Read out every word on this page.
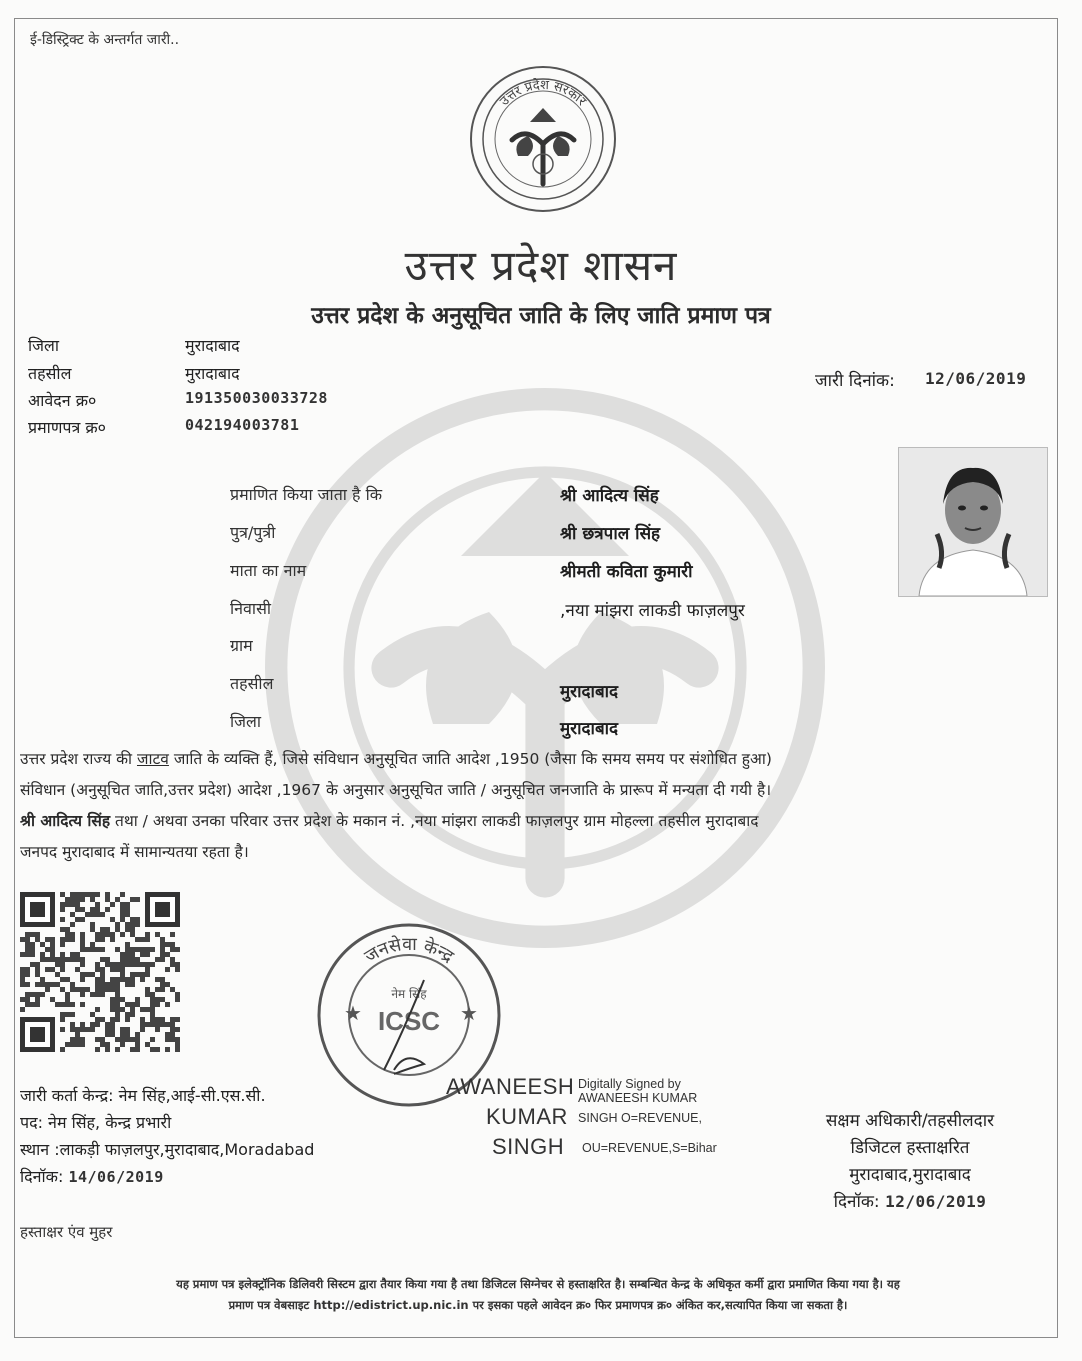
ई-डिस्ट्रिक्ट के अन्तर्गत जारी..
उत्तर प्रदेश सरकार
उत्तर प्रदेश शासन
उत्तर प्रदेश के अनुसूचित जाति के लिए जाति प्रमाण पत्र
जिला	मुरादाबाद
तहसील	मुरादाबाद
आवेदन क्र०	191350030033728
प्रमाणपत्र क्र०	042194003781
जारी दिनांक: 12/06/2019
प्रमाणित किया जाता है कि	श्री आदित्य सिंह
पुत्र/पुत्री	श्री छत्रपाल सिंह
माता का नाम	श्रीमती कविता कुमारी
निवासी	,नया मांझरा लाकडी फाज़लपुर
ग्राम
तहसील	मुरादाबाद
जिला	मुरादाबाद
उत्तर प्रदेश राज्य की जाटव जाति के व्यक्ति हैं, जिसे संविधान अनुसूचित जाति आदेश ,1950 (जैसा कि समय समय पर संशोधित हुआ)
संविधान (अनुसूचित जाति,उत्तर प्रदेश) आदेश ,1967 के अनुसार अनुसूचित जाति / अनुसूचित जनजाति के प्रारूप में मन्यता दी गयी है।
श्री आदित्य सिंह तथा / अथवा उनका परिवार उत्तर प्रदेश के मकान नं. ,नया मांझरा लाकडी फाज़लपुर ग्राम मोहल्ला तहसील मुरादाबाद
जनपद मुरादाबाद में सामान्यतया रहता है।
जनसेवा केन्द्र
नेम सिंह
ICSC
★	★
जारी कर्ता केन्द्र: नेम सिंह,आई-सी.एस.सी.
पद: नेम सिंह, केन्द्र प्रभारी
स्थान :लाकड़ी फाज़लपुर,मुरादाबाद,Moradabad
दिनॉक: 14/06/2019
हस्ताक्षर एंव मुहर
AWANEESH
KUMAR
SINGH
Digitally Signed by
AWANEESH KUMAR
SINGH O=REVENUE,
OU=REVENUE,S=Bihar
सक्षम अधिकारी/तहसीलदार
डिजिटल हस्ताक्षरित
मुरादाबाद,मुरादाबाद
दिनॉक: 12/06/2019
यह प्रमाण पत्र इलेक्ट्रॉनिक डिलिवरी सिस्टम द्वारा तैयार किया गया है तथा डिजिटल सिग्नेचर से हस्ताक्षरित है। सम्बन्धित केन्द्र के अधिकृत कर्मी द्वारा प्रमाणित किया गया है। यह
प्रमाण पत्र वेबसाइट http://edistrict.up.nic.in पर इसका पहले आवेदन क्र० फिर प्रमाणपत्र क्र० अंकित कर,सत्यापित किया जा सकता है।
